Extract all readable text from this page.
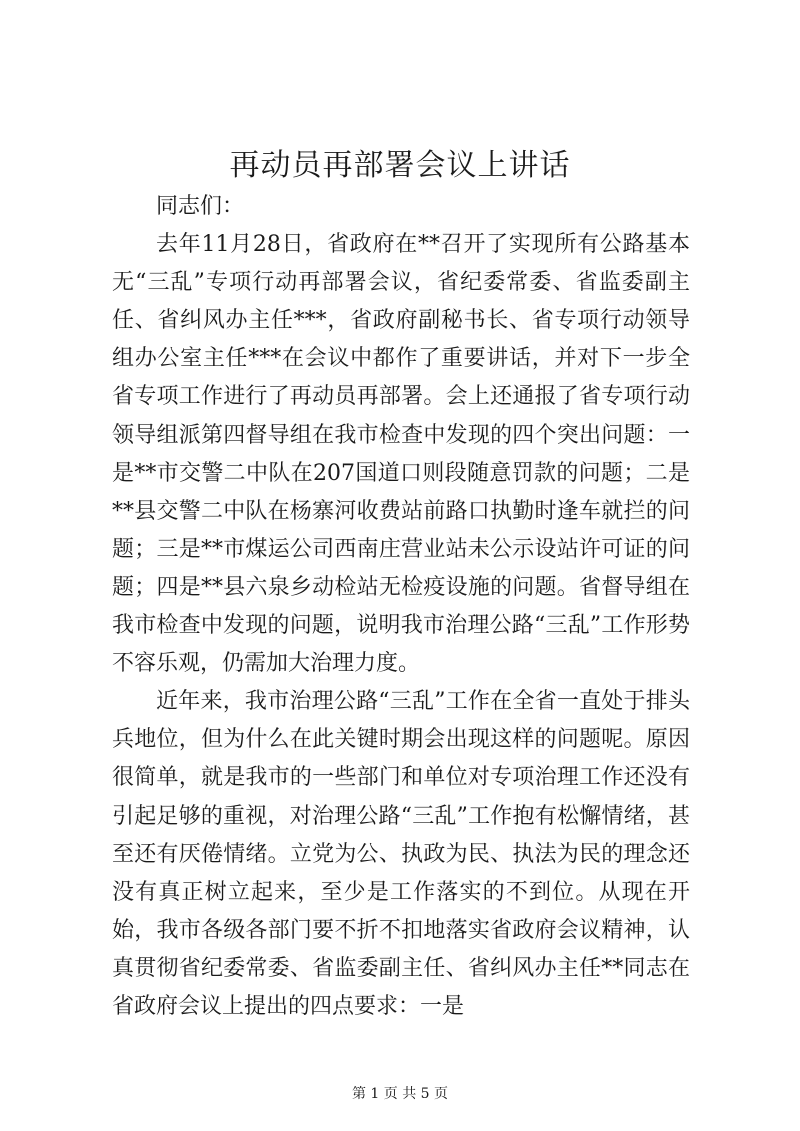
再动员再部署会议上讲话

同志们：

去年11月28日，省政府在**召开了实现所有公路基本无“三乱”专项行动再部署会议，省纪委常委、省监委副主任、省纠风办主任***，省政府副秘书长、省专项行动领导组办公室主任***在会议中都作了重要讲话，并对下一步全省专项工作进行了再动员再部署。会上还通报了省专项行动领导组派第四督导组在我市检查中发现的四个突出问题：一是**市交警二中队在207国道口则段随意罚款的问题；二是**县交警二中队在杨寨河收费站前路口执勤时逢车就拦的问题；三是**市煤运公司西南庄营业站未公示设站许可证的问题；四是**县六泉乡动检站无检疫设施的问题。省督导组在我市检查中发现的问题，说明我市治理公路“三乱”工作形势不容乐观，仍需加大治理力度。

近年来，我市治理公路“三乱”工作在全省一直处于排头兵地位，但为什么在此关键时期会出现这样的问题呢。原因很简单，就是我市的一些部门和单位对专项治理工作还没有引起足够的重视，对治理公路“三乱”工作抱有松懈情绪，甚至还有厌倦情绪。立党为公、执政为民、执法为民的理念还没有真正树立起来，至少是工作落实的不到位。从现在开始，我市各级各部门要不折不扣地落实省政府会议精神，认真贯彻省纪委常委、省监委副主任、省纠风办主任**同志在省政府会议上提出的四点要求：一是

第 1 页 共 5 页
